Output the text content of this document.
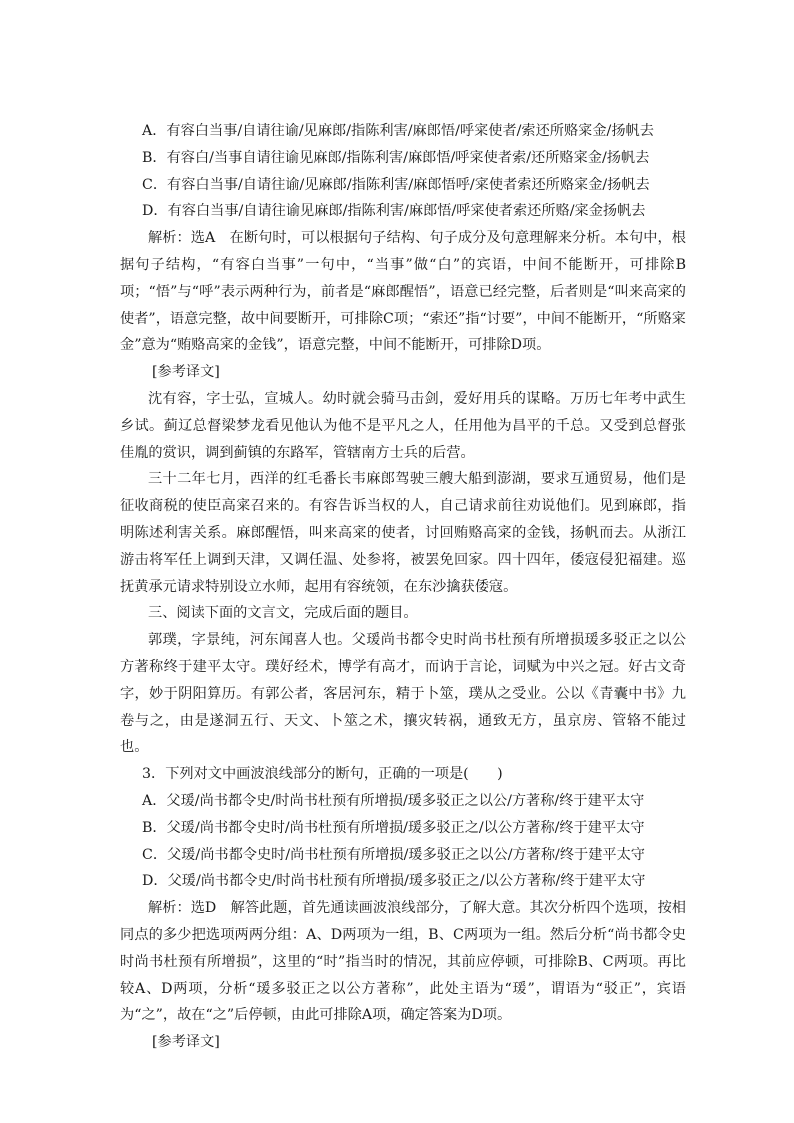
A．有容白当事/自请往谕/见麻郎/指陈利害/麻郎悟/呼寀使者/索还所赂寀金/扬帆去

B．有容白/当事自请往谕见麻郎/指陈利害/麻郎悟/呼寀使者索/还所赂寀金/扬帆去

C．有容白当事/自请往谕/见麻郎/指陈利害/麻郎悟呼/寀使者索还所赂寀金/扬帆去

D．有容白当事/自请往谕见麻郎/指陈利害/麻郎悟/呼寀使者索还所赂/寀金扬帆去

解析：选A　在断句时，可以根据句子结构、句子成分及句意理解来分析。本句中，根据句子结构，“有容白当事”一句中，“当事”做“白”的宾语，中间不能断开，可排除B项；“悟”与“呼”表示两种行为，前者是“麻郎醒悟”，语意已经完整，后者则是“叫来高寀的使者”，语意完整，故中间要断开，可排除C项；“索还”指“讨要”，中间不能断开，“所赂寀金”意为“贿赂高寀的金钱”，语意完整，中间不能断开，可排除D项。

[参考译文]

沈有容，字士弘，宣城人。幼时就会骑马击剑，爱好用兵的谋略。万历七年考中武生乡试。蓟辽总督梁梦龙看见他认为他不是平凡之人，任用他为昌平的千总。又受到总督张佳胤的赏识，调到蓟镇的东路军，管辖南方士兵的后营。

三十二年七月，西洋的红毛番长韦麻郎驾驶三艘大船到澎湖，要求互通贸易，他们是征收商税的使臣高寀召来的。有容告诉当权的人，自己请求前往劝说他们。见到麻郎，指明陈述利害关系。麻郎醒悟，叫来高寀的使者，讨回贿赂高寀的金钱，扬帆而去。从浙江游击将军任上调到天津，又调任温、处参将，被罢免回家。四十四年，倭寇侵犯福建。巡抚黄承元请求特别设立水师，起用有容统领，在东沙擒获倭寇。

三、阅读下面的文言文，完成后面的题目。

郭璞，字景纯，河东闻喜人也。父瑗尚书都令史时尚书杜预有所增损瑗多驳正之以公方著称终于建平太守。璞好经术，博学有高才，而讷于言论，词赋为中兴之冠。好古文奇字，妙于阴阳算历。有郭公者，客居河东，精于卜筮，璞从之受业。公以《青囊中书》九卷与之，由是遂洞五行、天文、卜筮之术，攘灾转祸，通致无方，虽京房、管辂不能过也。

3．下列对文中画波浪线部分的断句，正确的一项是(　　)

A．父瑗/尚书都令史/时尚书杜预有所增损/瑗多驳正之以公/方著称/终于建平太守

B．父瑗/尚书都令史时/尚书杜预有所增损/瑗多驳正之/以公方著称/终于建平太守

C．父瑗/尚书都令史时/尚书杜预有所增损/瑗多驳正之以公/方著称/终于建平太守

D．父瑗/尚书都令史/时尚书杜预有所增损/瑗多驳正之/以公方著称/终于建平太守

解析：选D　解答此题，首先通读画波浪线部分，了解大意。其次分析四个选项，按相同点的多少把选项两两分组：A、D两项为一组，B、C两项为一组。然后分析“尚书都令史时尚书杜预有所增损”，这里的“时”指当时的情况，其前应停顿，可排除B、C两项。再比较A、D两项，分析“瑗多驳正之以公方著称”，此处主语为“瑗”，谓语为“驳正”，宾语为“之”，故在“之”后停顿，由此可排除A项，确定答案为D项。

[参考译文]
